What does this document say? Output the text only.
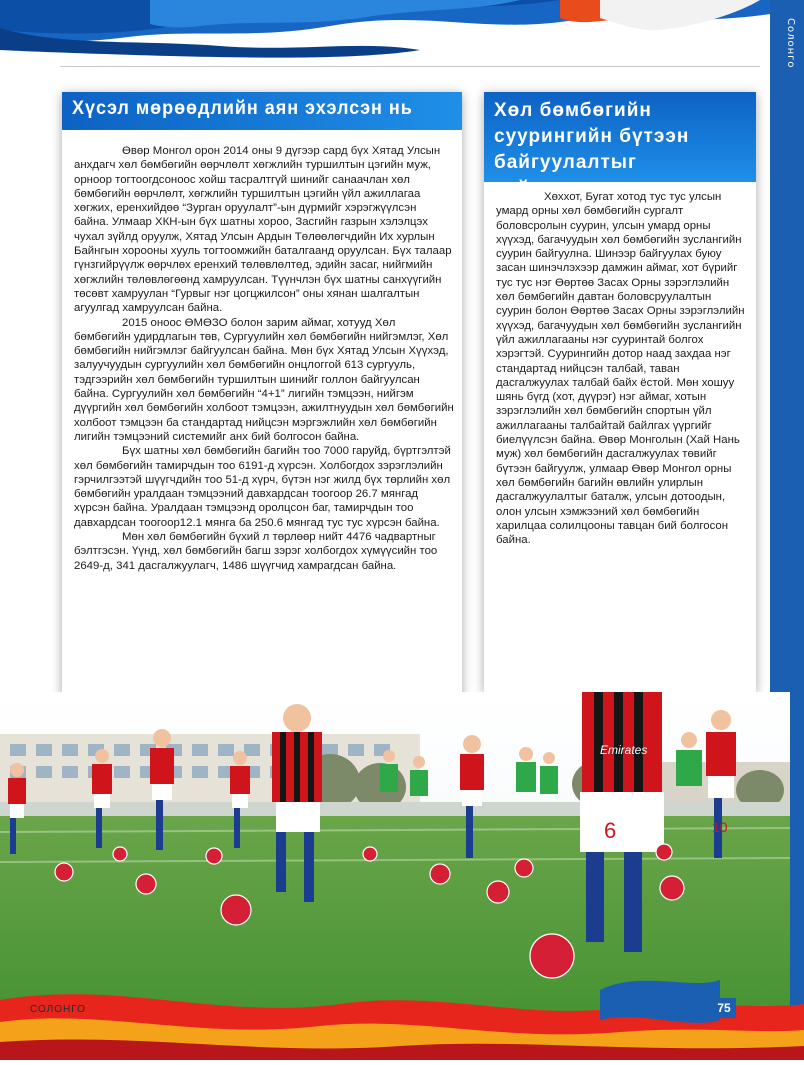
Солонго
Хүсэл мөрөөдлийн аян эхэлсэн нь

Өвөр Монгол орон 2014 оны 9 дүгээр сард бүх Хятад Улсын анхдагч хөл бөмбөгийн өөрчлөлт хөгжлийн туршилтын цэгийн муж, орноор тогтоогдсоноос хойш тасралтгүй шинийг санаачлан хөл бөмбөгийн өөрчлөлт, хөгжлийн туршилтын цэгийн үйл ажиллагаа хөгжих, еренхийдөө “Зурган оруулалт”-ын дүрмийг хэрэгжүүлсэн байна. Улмаар ХКН-ын бүх шатны хороо, Засгийн газрын хэлэлцэх чухал зүйлд оруулж, Хятад Улсын Ардын Төлөөлөгчдийн Их хурлын Байнгын хорооны хууль тогтоомжийн баталгаанд оруулсан. Бүх талаар гүнзгийрүүлж өөрчлөх еренхий төлөвлөлтөд, эдийн засаг, нийгмийн хөгжлийн төлөвлөгөөнд хамруулсан. Түүнчлэн бүх шатны санхүүгийн төсөвт хамруулан “Гурвыг нэг цогцжилсон” оны хянан шалгалтын агуулгад хамруулсан байна.

2015 оноос ӨМӨЗО болон зарим аймаг, хотууд Хөл бөмбөгийн удирдлагын төв, Сургуулийн хөл бөмбөгийн нийгэмлэг, Хөл бөмбөгийн нийгэмлэг байгуулсан байна. Мөн бүх Хятад Улсын Хүүхэд, залуучуудын сургуулийн хөл бөмбөгийн онцлоггой 613 сургууль, тэдгээрийн хөл бөмбөгийн туршилтын шинийг голлон байгуулсан байна. Сургуулийн хөл бөмбөгийн “4+1” лигийн тэмцээн, нийгэм дүүргийн хөл бөмбөгийн холбоот тэмцээн, ажилтнуудын хөл бөмбөгийн холбоот тэмцээн ба стандартад нийцсэн мэргэжлийн хөл бөмбөгийн лигийн тэмцээний системийг анх бий болгосон байна.

Бүх шатны хөл бөмбөгийн багийн тоо 7000 гаруйд, бүртгэлтэй хөл бөмбөгийн тамирчдын тоо 6191-д хүрсэн. Холбогдох зэрэглэлийн гэрчилгээтэй шүүгчдийн тоо 51-д хүрч, бүтэн нэг жилд бүх төрлийн хөл бөмбөгийн уралдаан тэмцээний давхардсан тоогоор 26.7 мянгад хүрсэн байна. Уралдаан тэмцээнд оролцсон баг, тамирчдын тоо давхардсан тоогоор12.1 мянга ба 250.6 мянгад тус тус хүрсэн байна.

Мөн хөл бөмбөгийн бүхий л төрлөөр нийт 4476 чадвартныг бэлтгэсэн. Үүнд, хөл бөмбөгийн багш зэрэг холбогдох хүмүүсийн тоо 2649-д, 341 дасгалжуулагч, 1486 шүүгчид хамрагдсан байна.

Хөл бөмбөгийн суурингийн бүтээн байгуулалтыг сайжруулна

Хөххот, Бугат хотод тус тус улсын умард орны хөл бөмбөгийн сургалт боловсролын суурин, улсын умард орны хүүхэд, багачуудын хөл бөмбөгийн зуслангийн суурин байгуулна. Шинээр байгуулах буюу засан шинэчлэхээр дамжин аймаг, хот бүрийг тус тус нэг Өөртөө Засах Орны зэрэглэлийн хөл бөмбөгийн давтан боловсруулалтын суурин болон Өөртөө Засах Орны зэрэглэлийн хүүхэд, багачуудын хөл бөмбөгийн зуслангийн үйл ажиллагааны нэг сууринтай болгох хэрэгтэй. Суурингийн дотор наад захдаа нэг стандартад нийцсэн талбай, таван дасгалжуулах талбай байх ёстой. Мөн хошуу шянь бүгд (хот, дүүрэг) нэг аймаг, хотын зэрэглэлийн хөл бөмбөгийн спортын үйл ажиллагааны талбайтай байлгах үүргийг биелүүлсэн байна. Өвөр Монголын (Хай Нань муж) хөл бөмбөгийн дасгалжуулах төвийг бүтээн байгуулж, улмаар Өвөр Монгол орны хөл бөмбөгийн багийн өвлийн улирлын дасгалжуулалтыг баталж, улсын дотоодын, олон улсын хэмжээний хөл бөмбөгийн харилцаа солилцооны тавцан бий болгосон байна.

Emirates
6	10
СОЛОНГО	75
